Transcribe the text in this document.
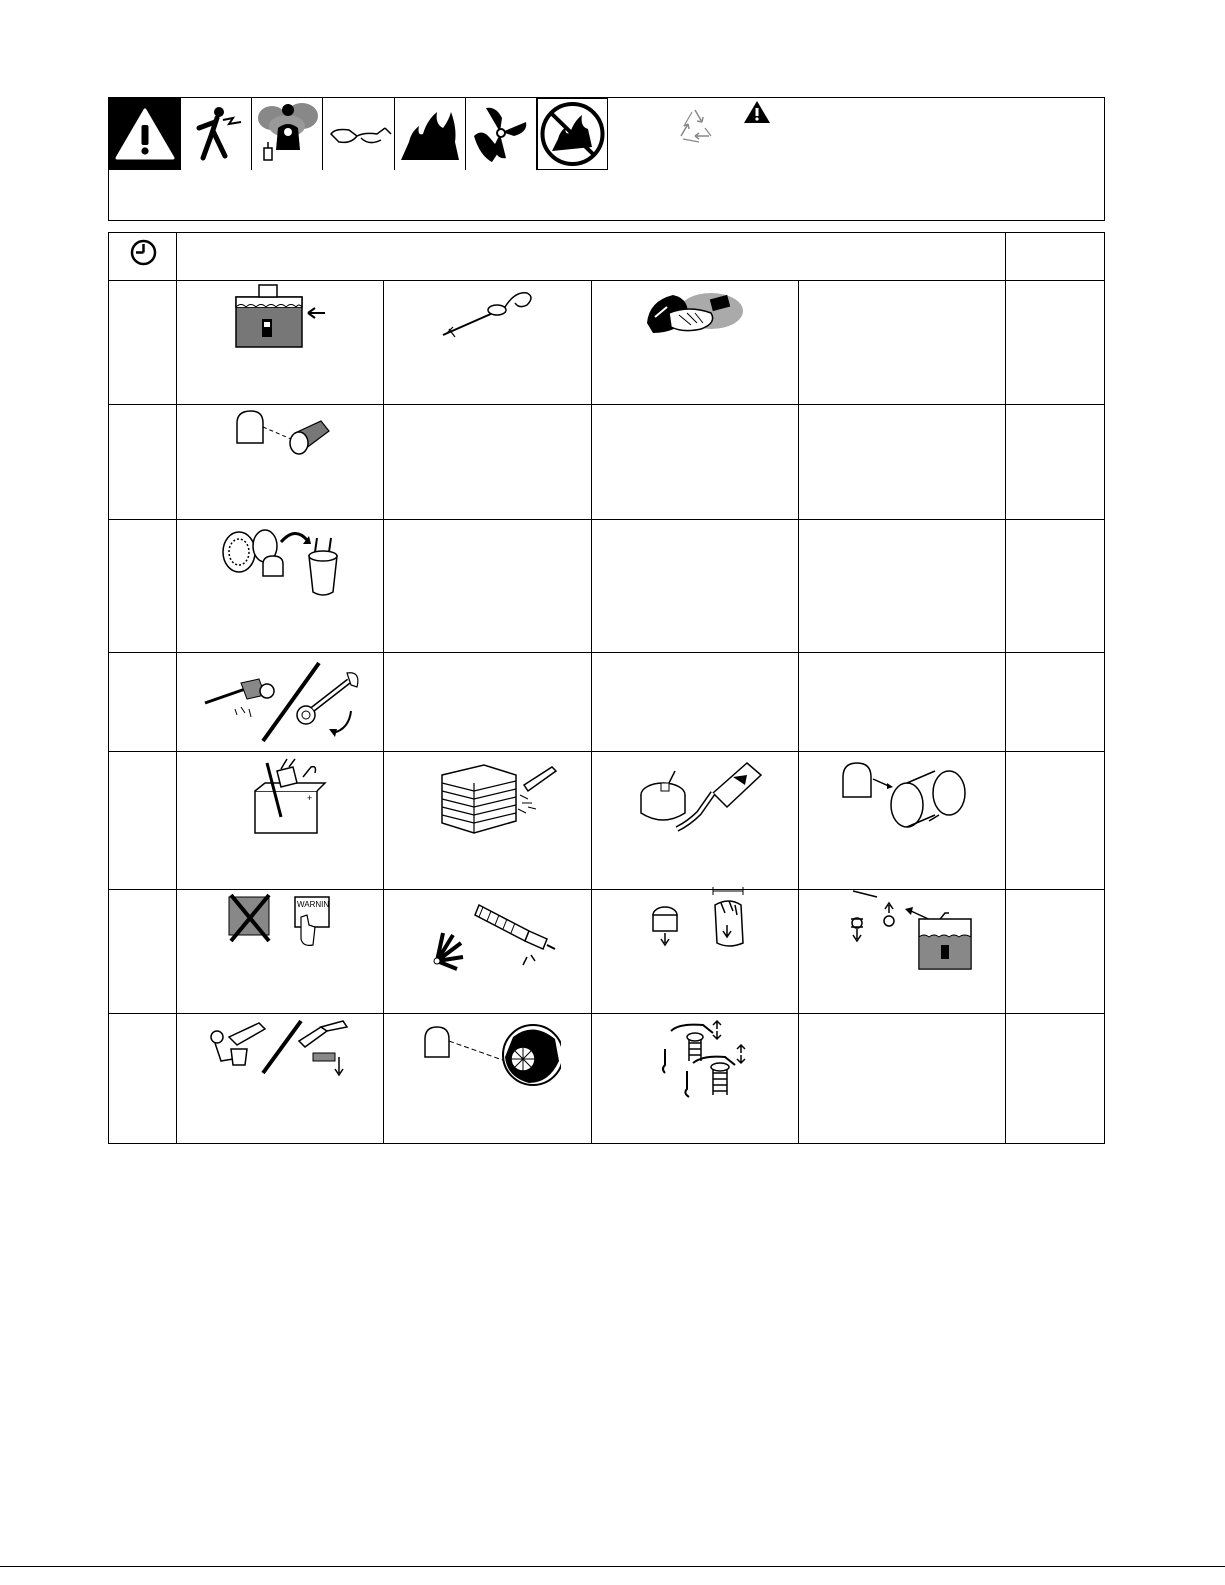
+
WARNIN
